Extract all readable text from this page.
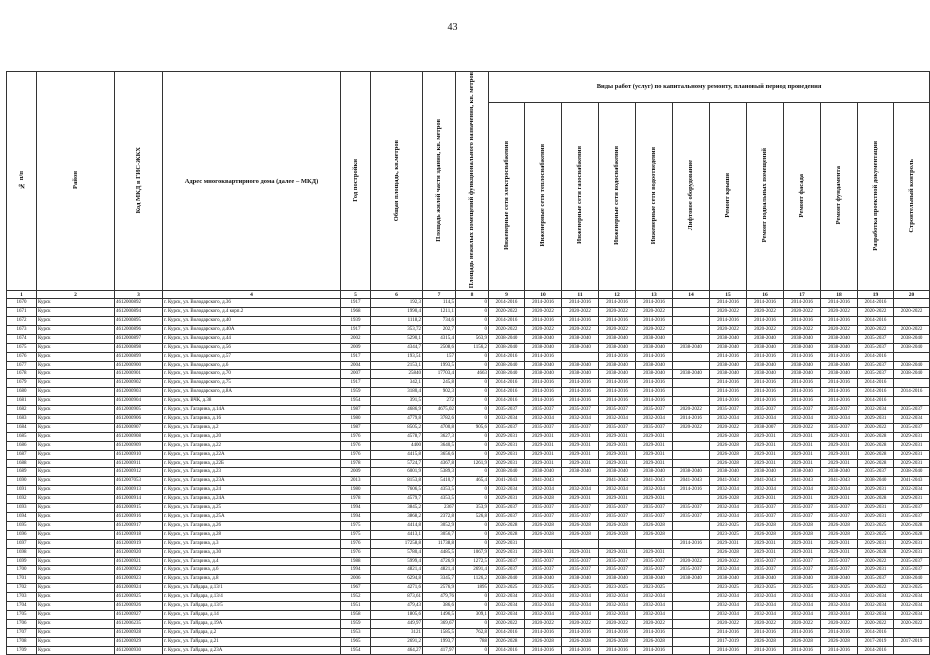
43
№ п/п	Район	Код МКД в ГИС-ЖКХ	Адрес многоквартирного дома (далее – МКД)	Год постройки	Общая площадь, кв.метров	Площадь жилой части здания, кв. метров	Площадь нежилых помещений функционального назначения, кв. метров	Виды работ (услуг) по капитальному ремонту, плановый период проведения											
								Инженерные сети электроснабжения	Инженерные сети теплоснабжения	Инженерные сети газоснабжения	Инженерные сети водоснабжения	Инженерные сети водоотведения	Лифтовое оборудование	Ремонт крыши	Ремонт подвальных помещений	Ремонт фасада	Ремонт фундамента	Разработка проектной документации	Строительный контроль
1	2	3	4	5	6	7	8	9	10	11	12	13	14	15	16	17	18	19	20
1670	Курск	4612000892	г. Курск, ул. Володарского, д.36	1917	192,3	114,5	0	2014-2016	2014-2016	2014-2016	2014-2016	2014-2016		2014-2016	2014-2016	2014-2016	2014-2016	2014-2016	
1671	Курск	4612000894	г. Курск, ул. Володарского, д.4 корп.2	1968	1990,4	1211,1	0	2020-2022	2020-2022	2020-2022	2020-2022	2020-2022		2020-2022	2020-2022	2020-2022	2020-2022	2020-2022	2020-2022
1672	Курск	4612000895	г. Курск, ул. Володарского, д.40	1939	1118,2	734,6	0	2014-2016	2014-2016	2014-2016	2014-2016	2014-2016		2014-2016	2014-2016	2014-2016	2014-2016	2014-2016	
1673	Курск	4612000896	г. Курск, ул. Володарского, д.40А	1917	353,72	202,7	0	2020-2022	2020-2022	2020-2022	2020-2022	2020-2022		2020-2022	2020-2022	2020-2022	2020-2022	2020-2022	2020-2022
1674	Курск	4612000897	г. Курск, ул. Володарского, д.44	2002	5290,1	4315,4	563,9	2038-2040	2038-2040	2038-2040	2038-2040	2038-2040		2038-2040	2038-2040	2038-2040	2038-2040	2035-2037	2038-2040
1675	Курск	4612000898	г. Курск, ул. Володарского, д.56	2009	4344,7	2508,6	1156,2	2038-2040	2038-2040	2038-2040	2038-2040	2038-2040	2038-2040	2038-2040	2038-2040	2038-2040	2038-2040	2035-2037	2038-2040
1676	Курск	4612000899	г. Курск, ул. Володарского, д.57	1917	193,51	157	0	2014-2016	2014-2016		2014-2016	2014-2016		2014-2016	2014-2016	2014-2016	2014-2016	2014-2016	
1677	Курск	4612000900	г. Курск, ул. Володарского, д.6	2004	2153,1	1993,5	0	2038-2040	2038-2040	2038-2040	2038-2040	2038-2040		2038-2040	2038-2040	2038-2040	2038-2040	2035-2037	2038-2040
1678	Курск	4612000901	г. Курск, ул. Володарского, д.70	2007	25840	17703,4	4663	2038-2040	2038-2040	2038-2040	2038-2040	2038-2040	2038-2040	2038-2040	2038-2040	2038-2040	2038-2040	2035-2037	2038-2040
1679	Курск	4612000902	г. Курск, ул. Володарского, д.75	1917	342,1	245,8	0	2014-2016	2014-2016	2014-2016	2014-2016	2014-2016		2014-2016	2014-2016	2014-2016	2014-2016	2014-2016	
1680	Курск	4612000903	г. Курск, ул. Володарского, д.8А	1959	3180,4	902,3	0	2014-2016	2014-2016	2014-2016	2014-2016	2014-2016		2014-2016	2014-2016	2014-2016	2014-2016	2014-2016	2014-2016
1681	Курск	4612000904	г. Курск, ул. ВЧК, д.38	1954	391,5	272	0	2014-2016	2014-2016	2014-2016	2014-2016	2014-2016		2014-2016	2014-2016	2014-2016	2014-2016	2014-2016	
1682	Курск	4612000905	г. Курск, ул. Гагарина, д.14А	1987	4686,9	4675,02	0	2035-2037	2035-2037	2035-2037	2035-2037	2035-2037	2020-2022	2035-2037	2035-2037	2035-2037	2035-2037	2032-2034	2035-2037
1683	Курск	4612000906	г. Курск, ул. Гагарина, д.16	1980	4779,8	3782,6	0	2032-2034	2032-2034	2032-2034	2032-2034	2032-2034	2014-2016	2032-2034	2032-2034	2032-2034	2032-2034	2029-2031	2032-2034
1684	Курск	4612000907	г. Курск, ул. Гагарина, д.2	1987	8505,2	4700,8	905,6	2035-2037	2035-2037	2035-2037	2035-2037	2035-2037	2020-2022	2020-2022	2038-2007	2020-2022	2035-2037	2020-2022	2035-2037
1685	Курск	4612000908	г. Курск, ул. Гагарина, д.20	1976	4578,7	3627,3	0	2029-2031	2029-2031	2029-2031	2029-2031	2029-2031		2026-2028	2029-2031	2029-2031	2029-2031	2026-2028	2029-2031
1686	Курск	4612000909	г. Курск, ул. Гагарина, д.22	1976	4400	3640,5	0	2029-2031	2029-2031	2029-2031	2029-2031	2029-2031		2026-2028	2029-2031	2029-2031	2029-2031	2026-2028	2029-2031
1687	Курск	4612000910	г. Курск, ул. Гагарина, д.22А	1976	4415,8	3656,6	0	2029-2031	2029-2031	2029-2031	2029-2031	2029-2031		2026-2028	2029-2031	2029-2031	2029-2031	2026-2028	2029-2031
1688	Курск	4612000911	г. Курск, ул. Гагарина, д.22Б	1978	5724,7	4367,8	1261,9	2029-2031	2029-2031	2029-2031	2029-2031	2029-2031		2026-2028	2029-2031	2029-2031	2029-2031	2026-2028	2029-2031
1689	Курск	4612000912	г. Курск, ул. Гагарина, д.23	2009	6001,9	5389,3	0	2038-2040	2038-2040	2038-2040	2038-2040	2038-2040	2038-2040	2038-2040	2038-2040	2038-2040	2038-2040	2035-2037	2038-2040
1690	Курск	4612007053	г. Курск, ул. Гагарина, д.23А	2013	8153,8	5410,7	465,4	2041-2043	2041-2043		2041-2043	2041-2043	2041-2043	2041-2043	2041-2043	2041-2043	2041-2043	2038-2040	2041-2043
1691	Курск	4612000913	г. Курск, ул. Гагарина, д.24	1980	7606,5	4353,5	0	2032-2034	2032-2034	2032-2034	2032-2034	2032-2034	2014-2016	2032-2034	2032-2034	2032-2034	2032-2034	2029-2031	2032-2034
1692	Курск	4612000914	г. Курск, ул. Гагарина, д.24А	1978	4579,7	4353,5	0	2029-2031	2026-2028	2029-2031	2029-2031	2029-2031		2026-2028	2029-2031	2029-2031	2029-2031	2026-2028	2029-2031
1693	Курск	4612000915	г. Курск, ул. Гагарина, д.25	1994	3845,2	2367	353,9	2035-2037	2035-2037	2035-2037	2035-2037	2035-2037	2035-2037	2032-2034	2035-2037	2035-2037	2035-2037	2029-2031	2035-2037
1694	Курск	4612000916	г. Курск, ул. Гагарина, д.25А	1994	3868,2	2372,8	526,8	2035-2037	2035-2037	2035-2037	2035-2037	2035-2037	2035-2037	2032-2034	2035-2037	2035-2037	2035-2037	2029-2031	2035-2037
1695	Курск	4612000917	г. Курск, ул. Гагарина, д.26	1975	4414,8	3052,9	0	2026-2028	2026-2028	2026-2028	2026-2028	2026-2028		2023-2025	2026-2028	2026-2028	2026-2028	2023-2025	2026-2028
1696	Курск	4612000918	г. Курск, ул. Гагарина, д.28	1975	4413,1	3056,7	0	2026-2028	2026-2028	2026-2028	2026-2028	2026-2028		2023-2025	2026-2028	2026-2028	2026-2028	2023-2025	2026-2028
1697	Курск	4612000919	г. Курск, ул. Гагарина, д.3	1976	17258,8	11738,8	0	2029-2031					2014-2016	2029-2031	2029-2031	2029-2031	2029-2031	2029-2031	2029-2031
1698	Курск	4612000920	г. Курск, ул. Гагарина, д.30	1976	5780,4	4485,5	1067,9	2029-2031	2029-2031	2029-2031	2029-2031	2029-2031		2026-2028	2029-2031	2029-2031	2029-2031	2026-2028	2029-2031
1699	Курск	4612000921	г. Курск, ул. Гагарина, д.4	1988	5999,4	4726,9	1272,5	2035-2037	2035-2037	2035-2037	2035-2037	2035-2037	2020-2022	2020-2022	2035-2037	2035-2037	2035-2037	2020-2022	2035-2037
1700	Курск	4612000922	г. Курск, ул. Гагарина, д.6	1994	4821,4	4821,4	2691,4	2035-2037	2035-2037	2035-2037	2035-2037	2035-2037	2035-2037	2032-2034	2035-2037	2035-2037	2035-2037	2029-2031	2035-2037
1701	Курск	4612000923	г. Курск, ул. Гагарина, д.8	2006	6294,8	3345,7	1126,2	2038-2040	2038-2040	2038-2040	2038-2040	2038-2040	2038-2040	2038-2040	2038-2040	2038-2040	2038-2040	2035-2037	2038-2040
1702	Курск	4612000924	г. Курск, ул. Гайдара, д.13/1	1967	4271,6	2576,9	1895	2023-2025	2023-2025	2023-2025	2023-2025	2023-2025		2023-2025	2023-2025	2023-2025	2023-2025	2020-2022	2023-2025
1703	Курск	4612000925	г. Курск, ул. Гайдара, д.13/4	1952	873,61	479,76	0	2032-2034	2032-2034	2032-2034	2032-2034	2032-2034		2032-2034	2032-2034	2032-2034	2032-2034	2032-2034	2032-2034
1704	Курск	4612000926	г. Курск, ул. Гайдара, д.13/5	1951	479,43	386,6	0	2032-2034	2032-2034	2032-2034	2032-2034	2032-2034		2032-2034	2032-2034	2032-2034	2032-2034	2032-2034	2032-2034
1705	Курск	4612000927	г. Курск, ул. Гайдара, д.14	1958	1805,6	1496,5	309,1	2032-2034	2032-2034	2032-2034	2032-2034	2032-2034		2032-2034	2032-2034	2032-2034	2032-2034	2032-2034	2032-2034
1706	Курск	4612006235	г. Курск, ул. Гайдара, д.19А	1959	449,97	369,67	0	2020-2022	2020-2022	2020-2022	2020-2022	2020-2022		2020-2022	2020-2022	2020-2022	2020-2022	2020-2022	2020-2022
1707	Курск	4612000928	г. Курск, ул. Гайдара, д.2	1953	3121	1585,5	762,8	2014-2016	2014-2016	2014-2016	2014-2016	2014-2016		2014-2016	2014-2016	2014-2016	2014-2016	2014-2016	
1708	Курск	4612000929	г. Курск, ул. Гайдара, д.21	1965	2691,2	1993,7	788	2026-2028	2026-2028	2026-2028	2026-2028	2026-2028		2017-2019	2026-2028	2026-2028	2026-2028	2017-2019	2017-2019
1709	Курск	4612000930	г. Курск, ул. Гайдара, д.23А	1954	464,27	417,97	0	2014-2016	2014-2016	2014-2016	2014-2016	2014-2016		2014-2016	2014-2016	2014-2016	2014-2016	2014-2016	
